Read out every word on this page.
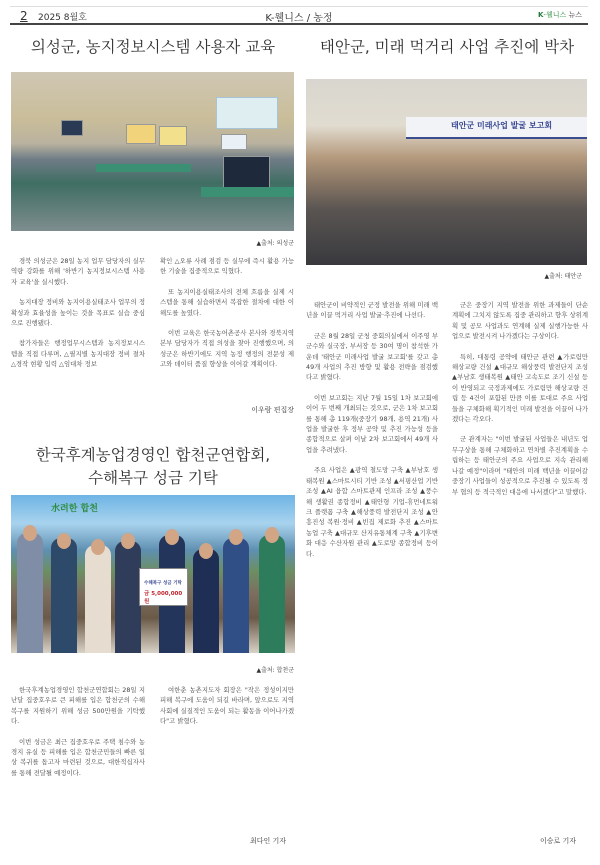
2 2025 8월호	K-웰니스 / 농정	K-웰니스 뉴스
의성군, 농지정보시스템 사용자 교육
▲출처: 의성군

경북 의성군은 28일 농지 업무 담당자의 실무 역량 강화를 위해 '하반기 농지정보시스템 사용자 교육'을 실시했다.

농지대장 정비와 농지이용실태조사 업무의 정확성과 효율성을 높이는 것을 목표로 실습 중심으로 진행됐다.

참가자들은 행정업무시스템과 농지정보시스템을 직접 다루며, △필지별 농지대장 정비 절차 △경작 현황 입력 △임대차 정보

확인 △오류 사례 점검 등 실무에 즉시 활용 가능한 기술을 집중적으로 익혔다.

또 농지이용실태조사의 전체 흐름을 실제 시스템을 통해 실습하면서 복잡한 절차에 대한 이해도를 높였다.

이번 교육은 한국농어촌공사 본사와 경북지역본부 담당자가 직접 의성을 찾아 진행했으며, 의성군은 하반기에도 지역 농정 행정의 전문성 제고와 데이터 품질 향상을 이어갈 계획이다.

이우람 편집장
한국후계농업경영인 합천군연합회,
수해복구 성금 기탁
水려한 합천
수해복구 성금 기탁
금 5,000,000 원
▲출처: 합천군

한국후계농업경영인 합천군연합회는 28일 지난달 집중호우로 큰 피해를 입은 합천군의 수해복구를 지원하기 위해 성금 500만원을 기탁했다.

이번 성금은 최근 집중호우로 주택 침수와 농경지 유실 등 피해를 입은 합천군민들의 빠른 일상 복귀를 돕고자 마련된 것으로, 대한적십자사를 통해 전달될 예정이다.

여한춘 농촌지도자 회장은 "작은 정성이지만 피해 복구에 도움이 되길 바라며, 앞으로도 지역사회에 실질적인 도움이 되는 활동을 이어나가겠다"고 밝혔다.

최다인 기자
태안군, 미래 먹거리 사업 추진에 박차
태안군 미래사업 발굴 보고회
▲출처: 태안군

태안군이 비약적인 군정 발전을 위해 미래 백년을 이끌 먹거리 사업 발굴·추진에 나선다.

군은 8월 28일 군청 중회의실에서 이주영 부군수와 실국장, 부서장 등 30여 명이 참석한 가운데 '태안군 미래사업 발굴 보고회'를 갖고 총 49개 사업의 추진 방향 및 활용 전략을 점검했다고 밝혔다.

이번 보고회는 지난 7월 15일 1차 보고회에 이어 두 번째 개최되는 것으로, 군은 1차 보고회를 통해 총 119개(중장기 98개, 용역 21개) 사업을 발굴한 후 정부 공약 및 추진 가능성 등을 종합적으로 살펴 이날 2차 보고회에서 49개 사업을 추려냈다.

주요 사업은 ▲광역 철도망 구축 ▲부남호 생태복원 ▲스마트시티 기반 조성 ▲서핑산업 기반 조성 ▲AI 융합 스마트관제 인프라 조성 ▲풍수해 생활권 종합정비 ▲태안형 기업-휴먼네트워크 플랫폼 구축 ▲해상풍력 발전단지 조성 ▲안흥진성 복원·정비 ▲빈집 제로화 추진 ▲스마트 농업 구축 ▲대규모 산지유통체계 구축 ▲기후변화 대응 수산자원 관리 ▲도로망 종합정비 등이다.

군은 중장기 지역 발전을 위한 과제들이 단순 계획에 그치지 않도록 집중 관리하고 향후 상위계획 및 공모 사업과도 연계해 실제 실행가능한 사업으로 발전시켜 나가겠다는 구상이다.

특히, 대통령 공약에 태안군 관련 ▲가로림만 해상교량 건설 ▲대규모 해상풍력 발전단지 조성 ▲부남호 생태복원 ▲태안 고속도로 조기 신설 등이 반영되고 국정과제에도 가로림만 해상교량 건립 등 4건이 포함된 만큼 이를 토대로 주요 사업들을 구체화해 획기적인 미래 발전을 이끌어 나가겠다는 각오다.

군 관계자는 "이번 발굴된 사업들은 내년도 업무구상을 통해 구체화하고 연차별 추진계획을 수립하는 등 태안군의 주요 사업으로 지속 관리해 나갈 예정"이라며 "태안의 미래 백년을 이끌어갈 중장기 사업들이 성공적으로 추진될 수 있도록 정부 협의 등 적극적인 대응에 나서겠다"고 말했다.

이승로 기자
